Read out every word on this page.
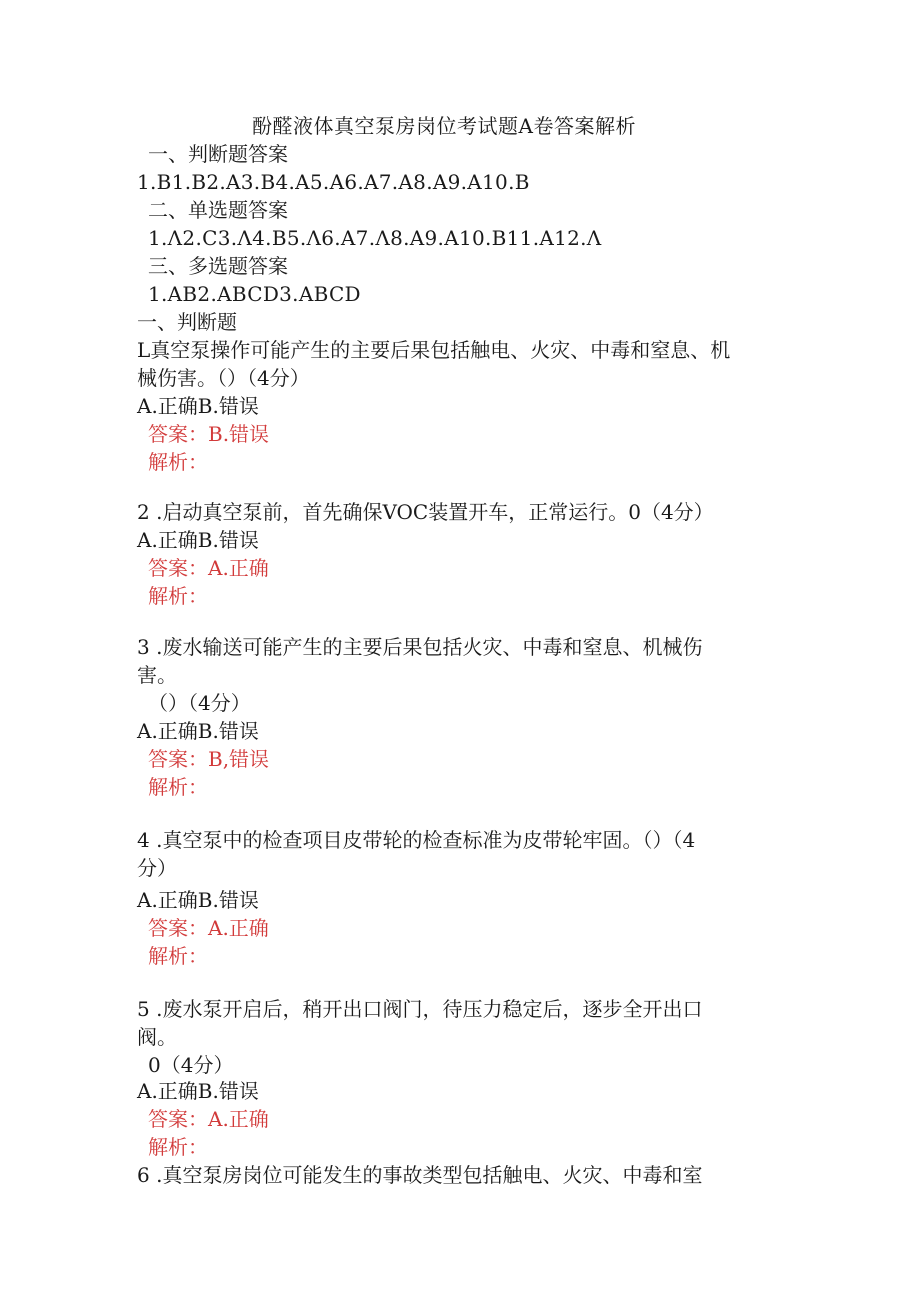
酚醛液体真空泵房岗位考试题A卷答案解析
一、判断题答案
1.B1.B2.A3.B4.A5.A6.A7.A8.A9.A10.B
二、单选题答案
1.Λ2.C3.Λ4.B5.Λ6.A7.Λ8.A9.A10.B11.A12.Λ
三、多选题答案
1.AB2.ABCD3.ABCD
一、判断题
L真空泵操作可能产生的主要后果包括触电、火灾、中毒和窒息、机
械伤害。（）（4分）
A.正确B.错误
答案：B.错误
解析：
2 .启动真空泵前，首先确保VOC装置开车，正常运行。0（4分）
A.正确B.错误
答案：A.正确
解析：
3 .废水输送可能产生的主要后果包括火灾、中毒和窒息、机械伤
害。
（）（4分）
A.正确B.错误
答案：B,错误
解析：
4 .真空泵中的检查项目皮带轮的检查标准为皮带轮牢固。（）（4
分）
A.正确B.错误
答案：A.正确
解析：
5 .废水泵开启后，稍开出口阀门，待压力稳定后，逐步全开出口
阀。
0（4分）
A.正确B.错误
答案：A.正确
解析：
6 .真空泵房岗位可能发生的事故类型包括触电、火灾、中毒和室
